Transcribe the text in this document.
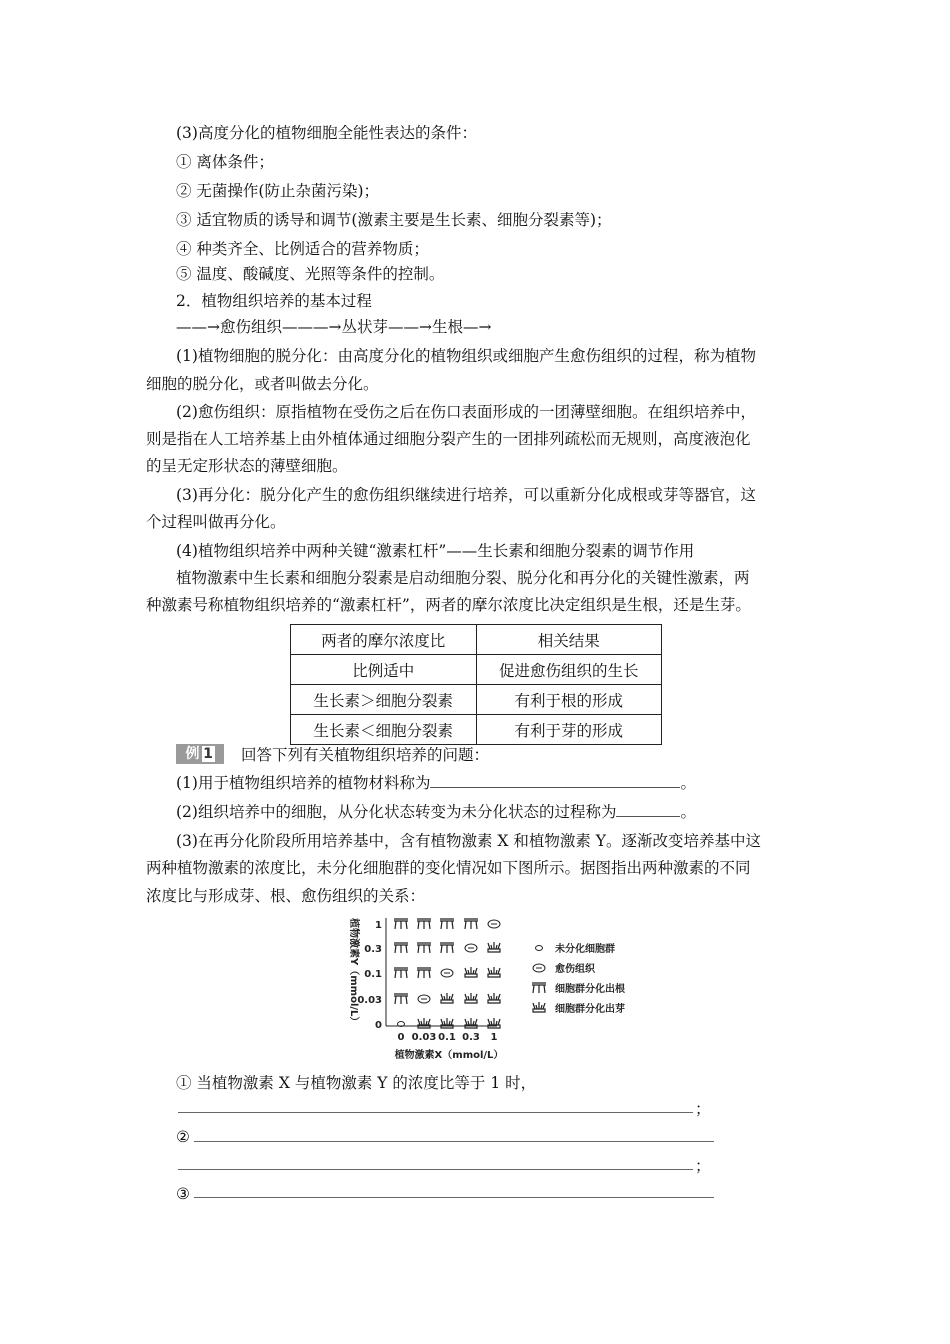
(3)高度分化的植物细胞全能性表达的条件：
① 离体条件；
② 无菌操作(防止杂菌污染)；
③ 适宜物质的诱导和调节(激素主要是生长素、细胞分裂素等)；
④ 种类齐全、比例适合的营养物质；
⑤ 温度、酸碱度、光照等条件的控制。
2．植物组织培养的基本过程
——→愈伤组织———→丛状芽——→生根—→
(1)植物细胞的脱分化：由高度分化的植物组织或细胞产生愈伤组织的过程，称为植物
细胞的脱分化，或者叫做去分化。
(2)愈伤组织：原指植物在受伤之后在伤口表面形成的一团薄壁细胞。在组织培养中，
则是指在人工培养基上由外植体通过细胞分裂产生的一团排列疏松而无规则，高度液泡化
的呈无定形状态的薄壁细胞。
(3)再分化：脱分化产生的愈伤组织继续进行培养，可以重新分化成根或芽等器官，这
个过程叫做再分化。
(4)植物组织培养中两种关键“激素杠杆”——生长素和细胞分裂素的调节作用
植物激素中生长素和细胞分裂素是启动细胞分裂、脱分化和再分化的关键性激素，两
种激素号称植物组织培养的“激素杠杆”，两者的摩尔浓度比决定组织是生根，还是生芽。
两者的摩尔浓度比	相关结果
比例适中	促进愈伤组织的生长
生长素＞细胞分裂素	有利于根的形成
生长素＜细胞分裂素	有利于芽的形成
例 1	回答下列有关植物组织培养的问题：
(1)用于植物组织培养的植物材料称为	。
(2)组织培养中的细胞，从分化状态转变为未分化状态的过程称为	。
(3)在再分化阶段所用培养基中，含有植物激素 X 和植物激素 Y。逐渐改变培养基中这
两种植物激素的浓度比，未分化细胞群的变化情况如下图所示。据图指出两种激素的不同
浓度比与形成芽、根、愈伤组织的关系：
植物激素Y（mmol/L） 1
0.3
0.1
0.03
0
0 0.03 0.1 0.3 1
未分化细胞群
愈伤组织
细胞群分化出根
细胞群分化出芽
植物激素X（mmol/L）
① 当植物激素 X 与植物激素 Y 的浓度比等于 1 时，
；
②
；
③
